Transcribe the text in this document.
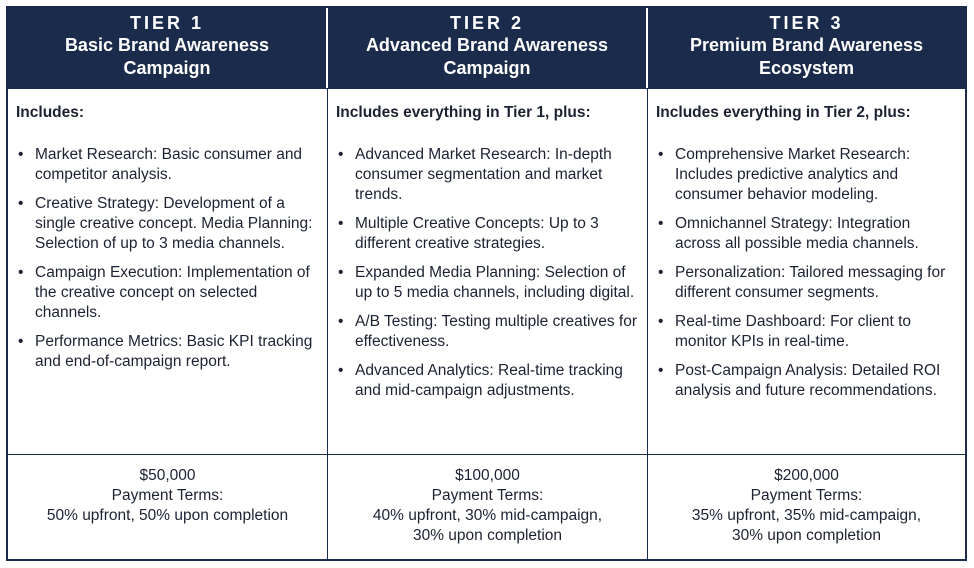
TIER 1
Basic Brand Awareness
Campaign
TIER 2
Advanced Brand Awareness
Campaign
TIER 3
Premium Brand Awareness
Ecosystem

Includes:

• Market Research: Basic consumer and competitor analysis.
• Creative Strategy: Development of a single creative concept. Media Planning: Selection of up to 3 media channels.
• Campaign Execution: Implementation of the creative concept on selected channels.
• Performance Metrics: Basic KPI tracking and end-of-campaign report.

Includes everything in Tier 1, plus:

• Advanced Market Research: In-depth consumer segmentation and market trends.
• Multiple Creative Concepts: Up to 3 different creative strategies.
• Expanded Media Planning: Selection of up to 5 media channels, including digital.
• A/B Testing: Testing multiple creatives for effectiveness.
• Advanced Analytics: Real-time tracking and mid-campaign adjustments.

Includes everything in Tier 2, plus:

• Comprehensive Market Research: Includes predictive analytics and consumer behavior modeling.
• Omnichannel Strategy: Integration across all possible media channels.
• Personalization: Tailored messaging for different consumer segments.
• Real-time Dashboard: For client to monitor KPIs in real-time.
• Post-Campaign Analysis: Detailed ROI analysis and future recommendations.
$50,000
Payment Terms:
50% upfront, 50% upon completion
$100,000
Payment Terms:
40% upfront, 30% mid-campaign,
30% upon completion
$200,000
Payment Terms:
35% upfront, 35% mid-campaign,
30% upon completion
